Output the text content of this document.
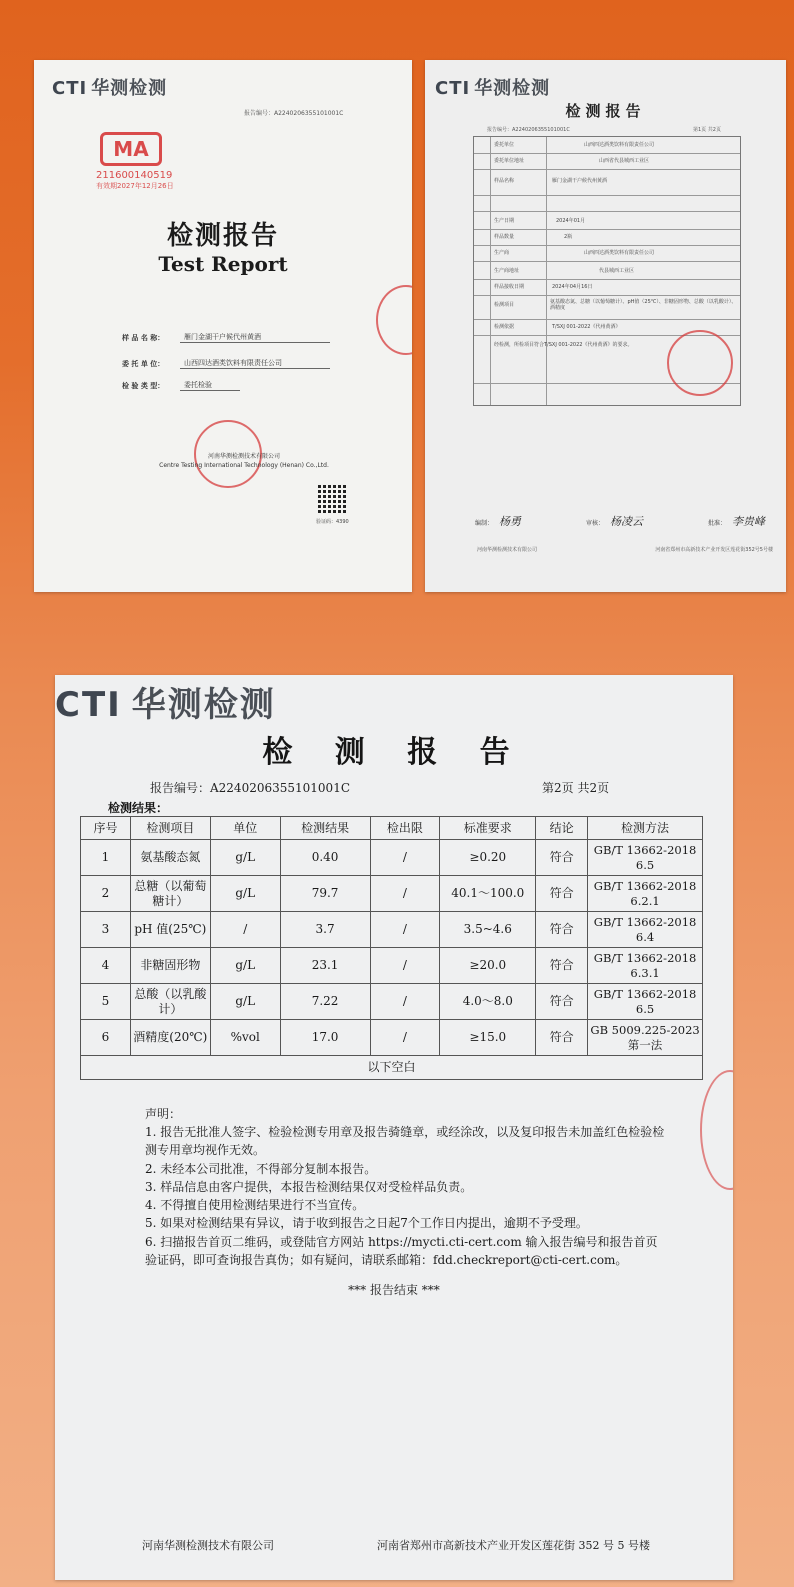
CTI 华测检测
报告编号：A2240206355101001C
MA
211600140519
有效期2027年12月26日
检测报告
Test Report
样 品 名 称：	雁门金湖干户候代州黄酒
委 托 单 位：	山西四达酒类饮料有限责任公司
检 验 类 型：	委托检验
河南华测检测技术有限公司
Centre Testing International Technology (Henan) Co.,Ltd.
验证码：4390
CTI 华测检测
检测报告
报告编号：A2240206355101001C	第1页 共2页
委托单位	山西四达酒类饮料有限责任公司
委托单位地址	山西省代县城西工业区
样品名称	雁门金湖干户候代州黄酒
生产日期	2024年01月
样品数量	2瓶
生产商	山西四达酒类饮料有限责任公司
生产商地址	代县城西工业区
样品接收日期	2024年04月16日
检测项目	氨基酸态氮、总糖（以葡萄糖计）、pH值（25℃）、非糖固形物、总酸（以乳酸计）、酒精度
检测依据	T/SXJ 001-2022《代州黄酒》
经检测，所检项目符合T/SXJ 001-2022《代州黄酒》的要求。
编制： 杨勇	审核： 杨凌云	批准： 李贵峰
河南华测检测技术有限公司	河南省郑州市高新技术产业开发区莲花街352号5号楼
CTI 华测检测
检 测 报 告
报告编号：A2240206355101001C	第2页 共2页
检测结果：
序号	检测项目	单位	检测结果	检出限	标准要求	结论	检测方法
1	氨基酸态氮	g/L	0.40	/	≥0.20	符合	GB/T 13662-2018 6.5
2	总糖（以葡萄糖计）	g/L	79.7	/	40.1～100.0	符合	GB/T 13662-2018 6.2.1
3	pH 值(25℃)	/	3.7	/	3.5~4.6	符合	GB/T 13662-2018 6.4
4	非糖固形物	g/L	23.1	/	≥20.0	符合	GB/T 13662-2018 6.3.1
5	总酸（以乳酸计）	g/L	7.22	/	4.0～8.0	符合	GB/T 13662-2018 6.5
6	酒精度(20℃)	%vol	17.0	/	≥15.0	符合	GB 5009.225-2023 第一法
以下空白							
声明：

1. 报告无批准人签字、检验检测专用章及报告骑缝章，或经涂改，以及复印报告未加盖红色检验检测专用章均视作无效。

2. 未经本公司批准，不得部分复制本报告。

3. 样品信息由客户提供，本报告检测结果仅对受检样品负责。

4. 不得擅自使用检测结果进行不当宣传。

5. 如果对检测结果有异议，请于收到报告之日起7个工作日内提出，逾期不予受理。

6. 扫描报告首页二维码，或登陆官方网站 https://mycti.cti-cert.com 输入报告编号和报告首页验证码，即可查询报告真伪；如有疑问，请联系邮箱：fdd.checkreport@cti-cert.com。

*** 报告结束 ***
河南华测检测技术有限公司	河南省郑州市高新技术产业开发区莲花街 352 号 5 号楼
